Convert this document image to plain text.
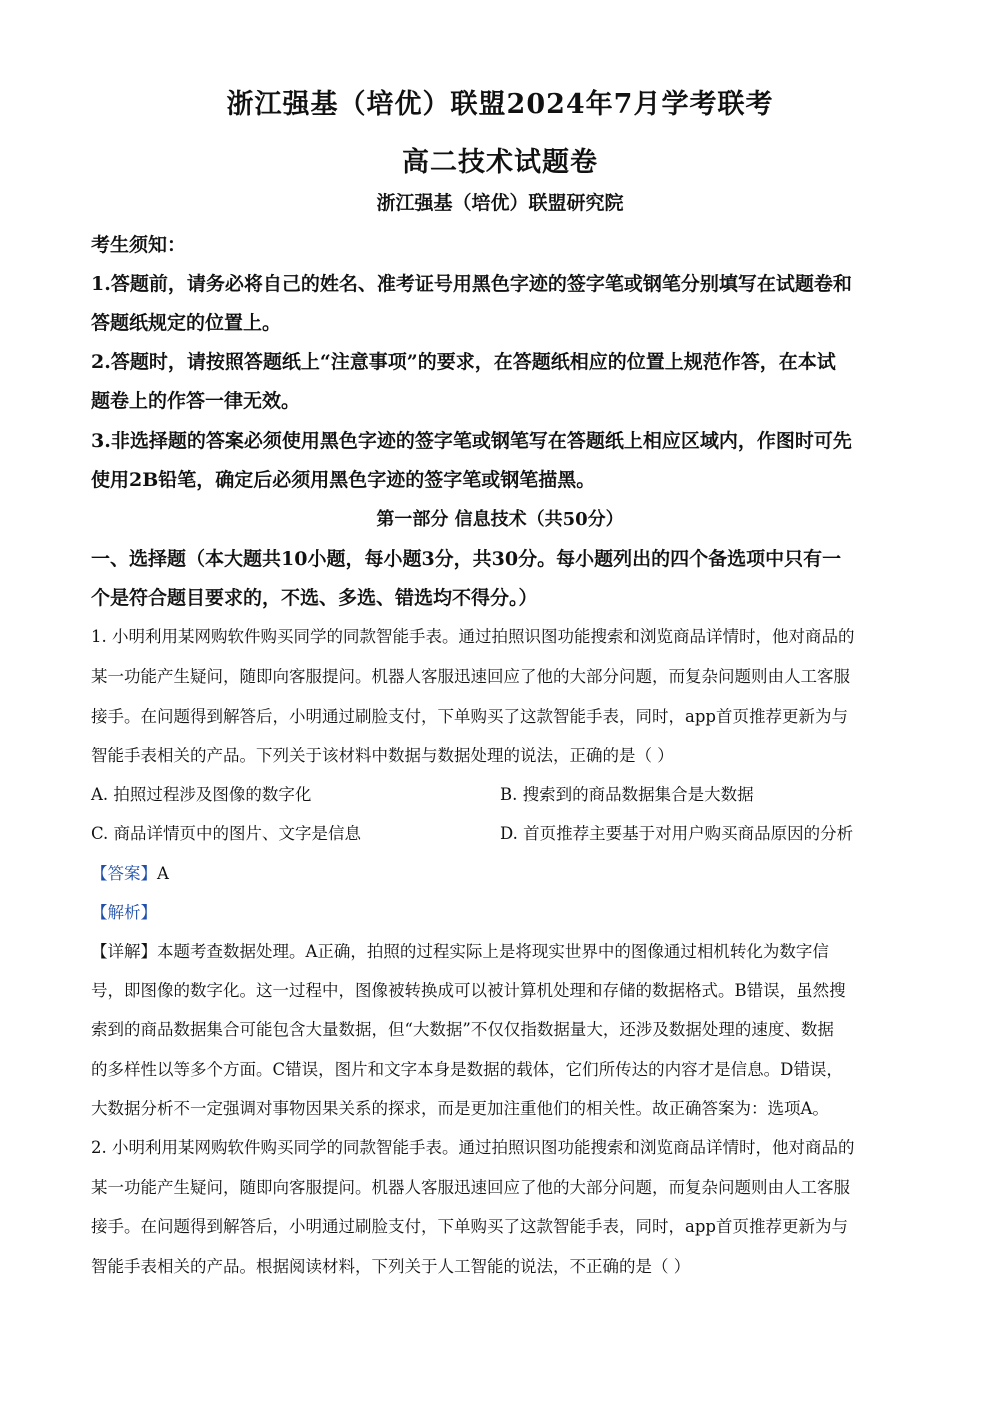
浙江强基（培优）联盟2024年7月学考联考
高二技术试题卷
浙江强基（培优）联盟研究院
考生须知：
1.答题前，请务必将自己的姓名、准考证号用黑色字迹的签字笔或钢笔分别填写在试题卷和
答题纸规定的位置上。
2.答题时，请按照答题纸上“注意事项”的要求，在答题纸相应的位置上规范作答，在本试
题卷上的作答一律无效。
3.非选择题的答案必须使用黑色字迹的签字笔或钢笔写在答题纸上相应区域内，作图时可先
使用2B铅笔，确定后必须用黑色字迹的签字笔或钢笔描黑。
第一部分 信息技术（共50分）
一、选择题（本大题共10小题，每小题3分，共30分。每小题列出的四个备选项中只有一
个是符合题目要求的，不选、多选、错选均不得分。）
1. 小明利用某网购软件购买同学的同款智能手表。通过拍照识图功能搜索和浏览商品详情时，他对商品的
某一功能产生疑问，随即向客服提问。机器人客服迅速回应了他的大部分问题，而复杂问题则由人工客服
接手。在问题得到解答后，小明通过刷脸支付，下单购买了这款智能手表，同时，app首页推荐更新为与
智能手表相关的产品。下列关于该材料中数据与数据处理的说法，正确的是（ ）
A. 拍照过程涉及图像的数字化	B. 搜索到的商品数据集合是大数据
C. 商品详情页中的图片、文字是信息	D. 首页推荐主要基于对用户购买商品原因的分析
【答案】A
【解析】
【详解】本题考查数据处理。A正确，拍照的过程实际上是将现实世界中的图像通过相机转化为数字信
号，即图像的数字化。这一过程中，图像被转换成可以被计算机处理和存储的数据格式。B错误，虽然搜
索到的商品数据集合可能包含大量数据，但“大数据”不仅仅指数据量大，还涉及数据处理的速度、数据
的多样性以等多个方面。C错误，图片和文字本身是数据的载体，它们所传达的内容才是信息。D错误，
大数据分析不一定强调对事物因果关系的探求，而是更加注重他们的相关性。故正确答案为：选项A。
2. 小明利用某网购软件购买同学的同款智能手表。通过拍照识图功能搜索和浏览商品详情时，他对商品的
某一功能产生疑问，随即向客服提问。机器人客服迅速回应了他的大部分问题，而复杂问题则由人工客服
接手。在问题得到解答后，小明通过刷脸支付，下单购买了这款智能手表，同时，app首页推荐更新为与
智能手表相关的产品。根据阅读材料，下列关于人工智能的说法，不正确的是（ ）
